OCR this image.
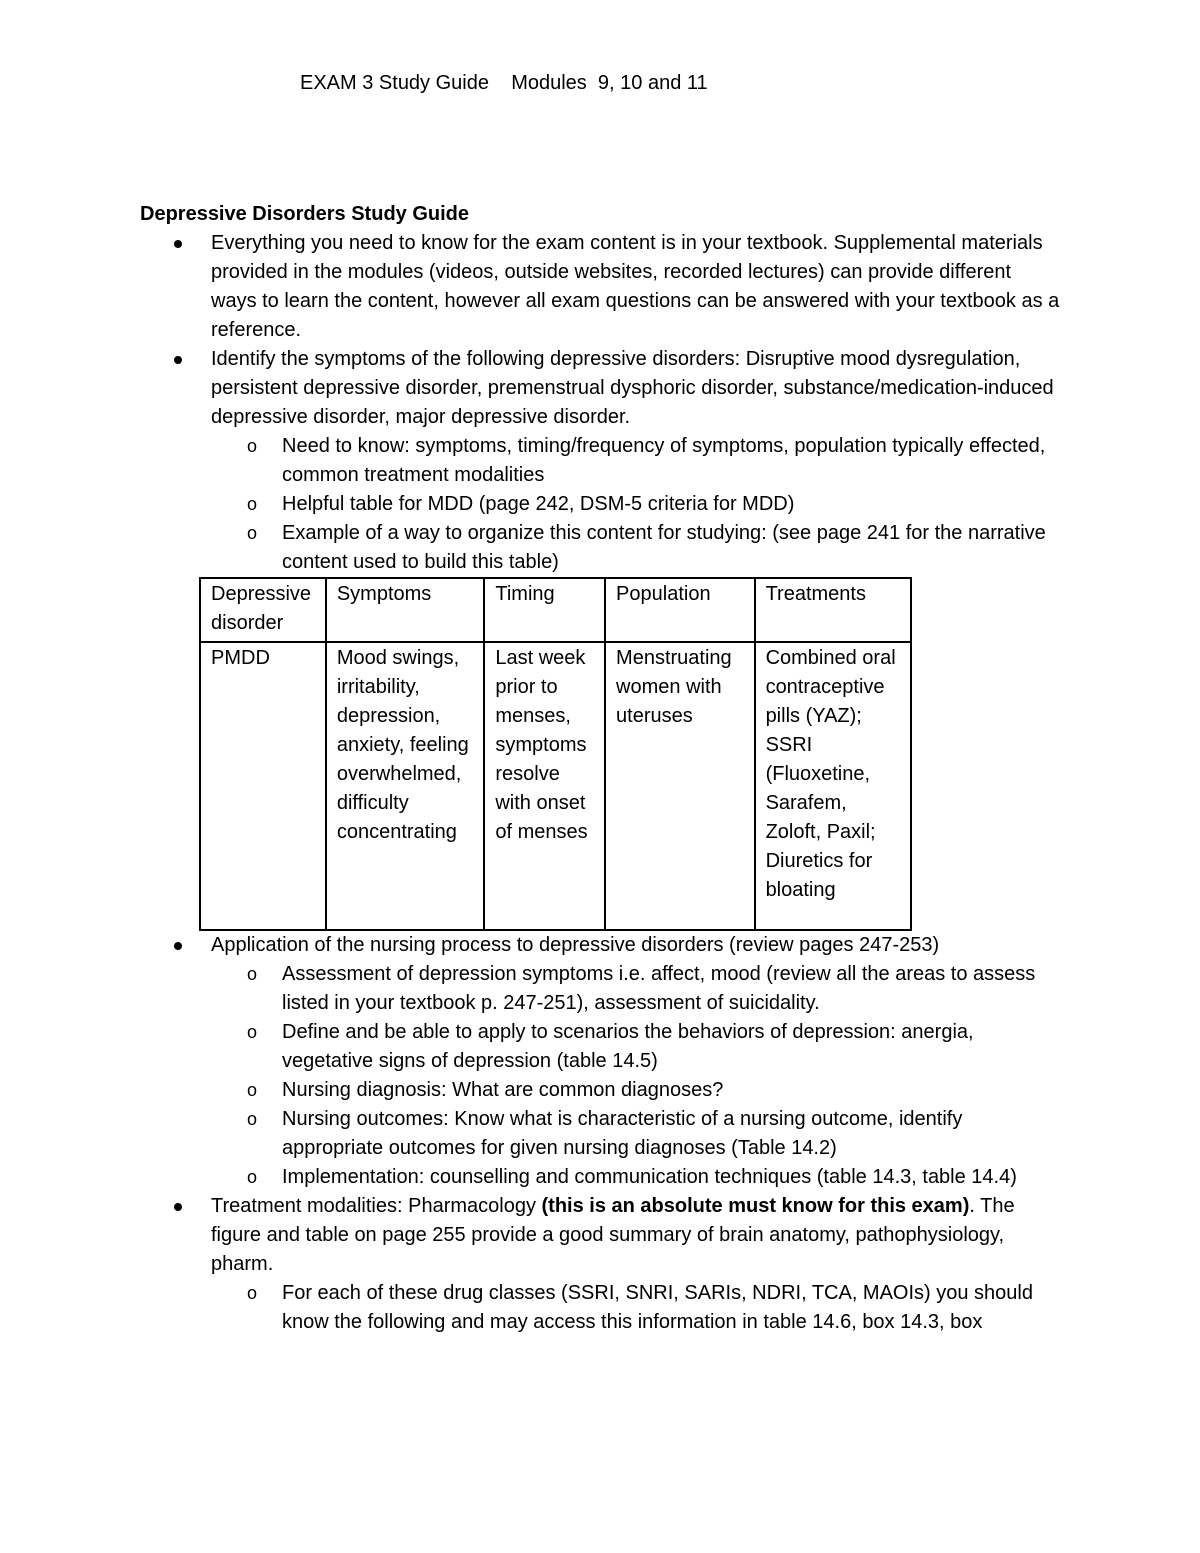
EXAM 3 Study Guide    Modules  9, 10 and 11

Depressive Disorders Study Guide

Everything you need to know for the exam content is in your textbook. Supplemental materials provided in the modules (videos, outside websites, recorded lectures) can provide different ways to learn the content, however all exam questions can be answered with your textbook as a reference.
Identify the symptoms of the following depressive disorders: Disruptive mood dysregulation, persistent depressive disorder, premenstrual dysphoric disorder, substance/medication-induced depressive disorder, major depressive disorder.
o Need to know: symptoms, timing/frequency of symptoms, population typically effected, common treatment modalities
o Helpful table for MDD (page 242, DSM-5 criteria for MDD)
o Example of a way to organize this content for studying: (see page 241 for the narrative content used to build this table)
Depressive disorder	Symptoms	Timing	Population	Treatments
PMDD	Mood swings, irritability, depression, anxiety, feeling overwhelmed, difficulty concentrating	Last week prior to menses, symptoms resolve with onset of menses	Menstruating women with uteruses	Combined oral contraceptive pills (YAZ); SSRI (Fluoxetine, Sarafem, Zoloft, Paxil; Diuretics for bloating
Application of the nursing process to depressive disorders (review pages 247-253)
o Assessment of depression symptoms i.e. affect, mood (review all the areas to assess listed in your textbook p. 247-251), assessment of suicidality.
o Define and be able to apply to scenarios the behaviors of depression: anergia, vegetative signs of depression (table 14.5)
o Nursing diagnosis: What are common diagnoses?
o Nursing outcomes: Know what is characteristic of a nursing outcome, identify appropriate outcomes for given nursing diagnoses (Table 14.2)
o Implementation: counselling and communication techniques (table 14.3, table 14.4)
Treatment modalities: Pharmacology (this is an absolute must know for this exam). The figure and table on page 255 provide a good summary of brain anatomy, pathophysiology, pharm.
o For each of these drug classes (SSRI, SNRI, SARIs, NDRI, TCA, MAOIs) you should know the following and may access this information in table 14.6, box 14.3, box
